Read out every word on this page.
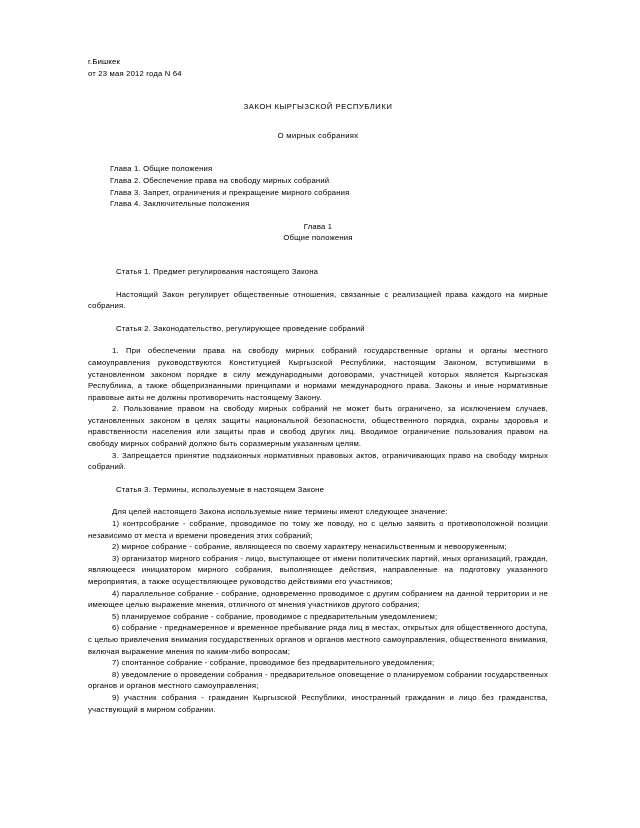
г.Бишкек
от 23 мая 2012 года N 64
ЗАКОН КЫРГЫЗСКОЙ РЕСПУБЛИКИ
О мирных собраниях
Глава 1. Общие положения
Глава 2. Обеспечение права на свободу мирных собраний
Глава 3. Запрет, ограничения и прекращение мирного собрания
Глава 4. Заключительные положения
Глава 1
Общие положения
Статья 1. Предмет регулирования настоящего Закона

Настоящий Закон регулирует общественные отношения, связанные с реализацией права каждого на мирные собрания.

Статья 2. Законодательство, регулирующее проведение собраний

1. При обеспечении права на свободу мирных собраний государственные органы и органы местного самоуправления руководствуются Конституцией Кыргызской Республики, настоящим Законом, вступившими в установленном законом порядке в силу международными договорами, участницей которых является Кыргызская Республика, а также общепризнанными принципами и нормами международного права. Законы и иные нормативные правовые акты не должны противоречить настоящему Закону.

2. Пользование правом на свободу мирных собраний не может быть ограничено, за исключением случаев, установленных законом в целях защиты национальной безопасности, общественного порядка, охраны здоровья и нравственности населения или защиты прав и свобод других лиц. Вводимое ограничение пользования правом на свободу мирных собраний должно быть соразмерным указанным целям.

3. Запрещается принятие подзаконных нормативных правовых актов, ограничивающих право на свободу мирных собраний.

Статья 3. Термины, используемые в настоящем Законе

Для целей настоящего Закона используемые ниже термины имеют следующее значение:

1) контрсобрание - собрание, проводимое по тому же поводу, но с целью заявить о противоположной позиции независимо от места и времени проведения этих собраний;
2) мирное собрание - собрание, являющееся по своему характеру ненасильственным и невооруженным;
3) организатор мирного собрания - лицо, выступающее от имени политических партий, иных организаций, граждан, являющееся инициатором мирного собрания, выполняющее действия, направленные на подготовку указанного мероприятия, а также осуществляющее руководство действиями его участников;
4) параллельное собрание - собрание, одновременно проводимое с другим собранием на данной территории и не имеющее целью выражение мнения, отличного от мнения участников другого собрания;
5) планируемое собрание - собрание, проводимое с предварительным уведомлением;
6) собрание - преднамеренное и временное пребывание ряда лиц в местах, открытых для общественного доступа, с целью привлечения внимания государственных органов и органов местного самоуправления, общественного внимания, включая выражение мнения по каким-либо вопросам;
7) спонтанное собрание - собрание, проводимое без предварительного уведомления;
8) уведомление о проведении собрания - предварительное оповещение о планируемом собрании государственных органов и органов местного самоуправления;
9) участник собрания - гражданин Кыргызской Республики, иностранный гражданин и лицо без гражданства, участвующий в мирном собрании.
